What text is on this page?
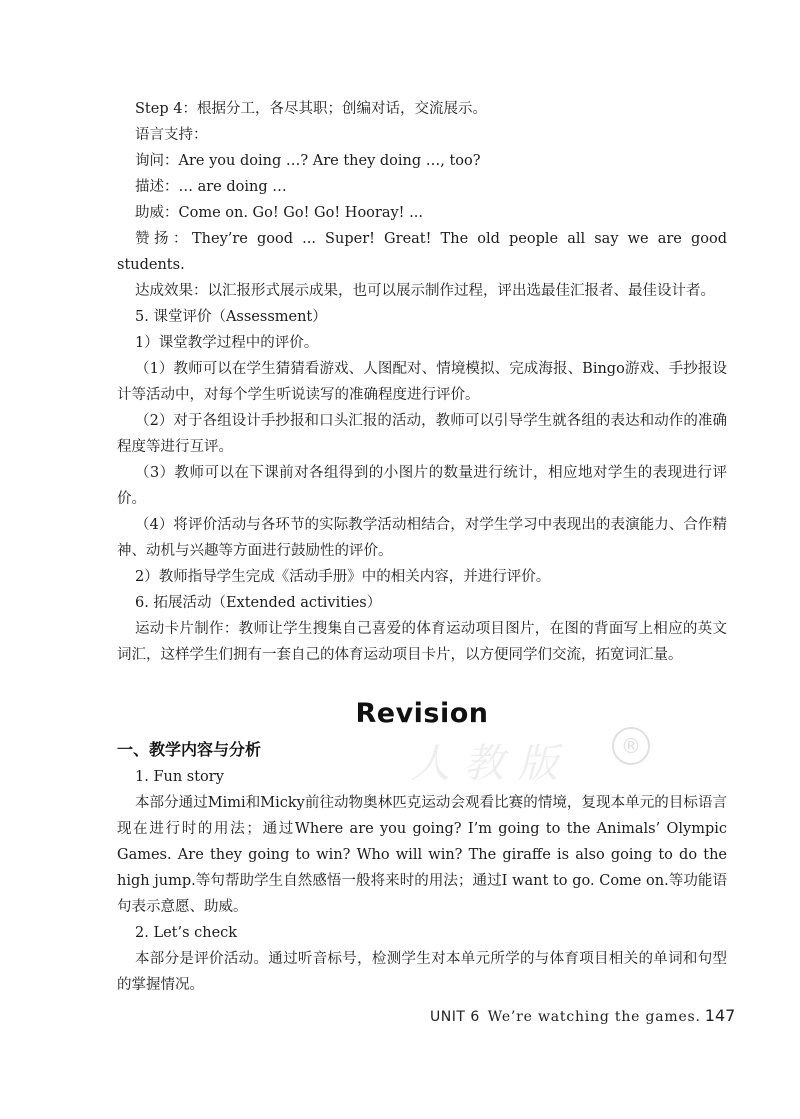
人教版	®

Step 4：根据分工，各尽其职；创编对话，交流展示。

语言支持：

询问：Are you doing …? Are they doing …, too?

描述：… are doing …

助威：Come on. Go! Go! Go! Hooray! ...

赞扬：They’re good ... Super! Great! The old people all say we are good students.

达成效果：以汇报形式展示成果，也可以展示制作过程，评出选最佳汇报者、最佳设计者。

5. 课堂评价（Assessment）

1）课堂教学过程中的评价。

（1）教师可以在学生猜猜看游戏、人图配对、情境模拟、完成海报、Bingo游戏、手抄报设计等活动中，对每个学生听说读写的准确程度进行评价。

（2）对于各组设计手抄报和口头汇报的活动，教师可以引导学生就各组的表达和动作的准确程度等进行互评。

（3）教师可以在下课前对各组得到的小图片的数量进行统计，相应地对学生的表现进行评价。

（4）将评价活动与各环节的实际教学活动相结合，对学生学习中表现出的表演能力、合作精神、动机与兴趣等方面进行鼓励性的评价。

2）教师指导学生完成《活动手册》中的相关内容，并进行评价。

6. 拓展活动（Extended activities）

运动卡片制作：教师让学生搜集自己喜爱的体育运动项目图片，在图的背面写上相应的英文词汇，这样学生们拥有一套自己的体育运动项目卡片，以方便同学们交流，拓宽词汇量。

Revision
一、教学内容与分析

1. Fun story

本部分通过Mimi和Micky前往动物奥林匹克运动会观看比赛的情境，复现本单元的目标语言现在进行时的用法；通过Where are you going? I’m going to the Animals’ Olympic Games. Are they going to win? Who will win? The giraffe is also going to do the high jump.等句帮助学生自然感悟一般将来时的用法；通过I want to go. Come on.等功能语句表示意愿、助威。

2. Let’s check

本部分是评价活动。通过听音标号，检测学生对本单元所学的与体育项目相关的单词和句型的掌握情况。

UNIT 6 We’re watching the games. 147
